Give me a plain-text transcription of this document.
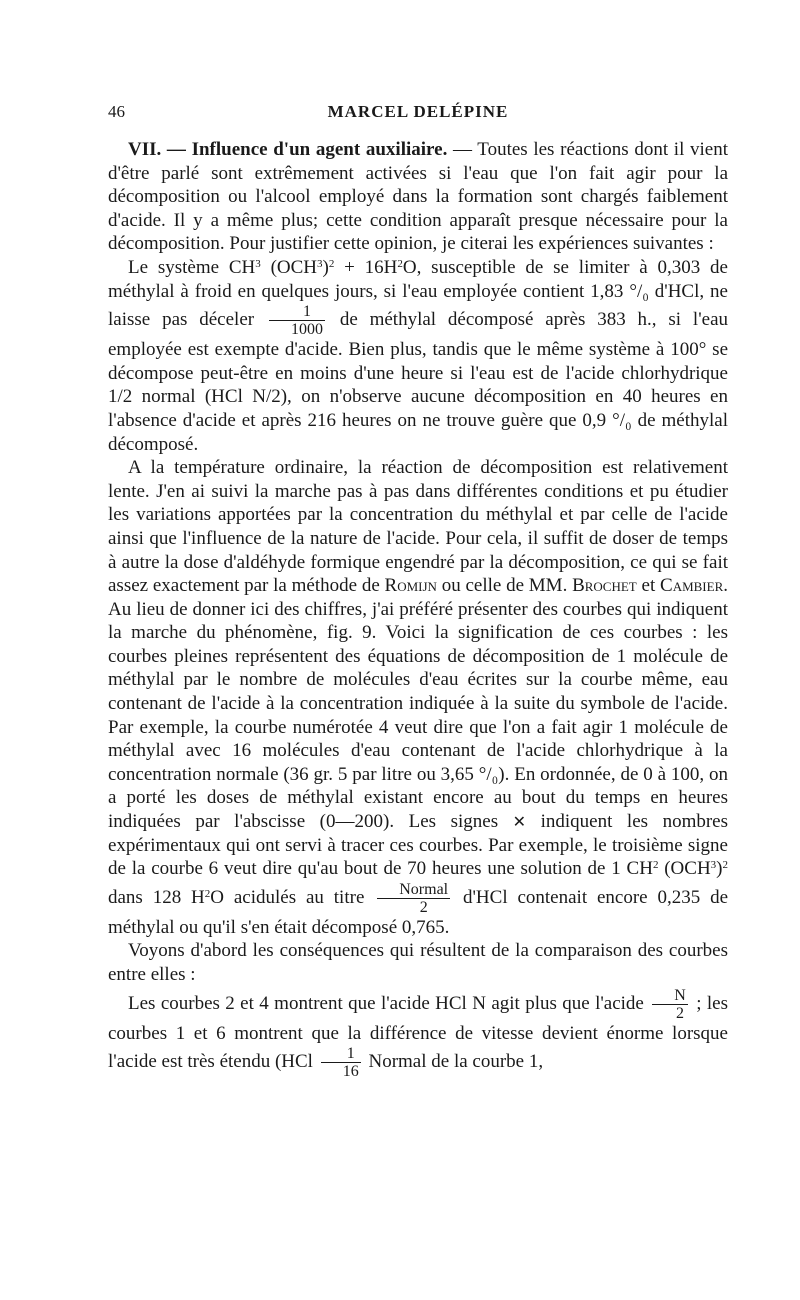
46	MARCEL DELÉPINE

VII. — Influence d'un agent auxiliaire. — Toutes les réactions dont il vient d'être parlé sont extrêmement activées si l'eau que l'on fait agir pour la décomposition ou l'alcool employé dans la formation sont chargés faiblement d'acide. Il y a même plus; cette condition apparaît presque nécessaire pour la décomposition. Pour justifier cette opinion, je citerai les expériences suivantes :

Le système $CH^3$ $(OCH^3)^2 + 16H^2O$, susceptible de se limiter à 0,303 de méthylal à froid en quelques jours, si l'eau employée contient 1,83 °/₀ d'HCl, ne laisse pas déceler $\frac{1}{1000}$ de méthylal décomposé après 383 h., si l'eau employée est exempte d'acide. Bien plus, tandis que le même système à 100° se décompose peut-être en moins d'une heure si l'eau est de l'acide chlorhydrique 1/2 normal (HCl N/2), on n'observe aucune décomposition en 40 heures en l'absence d'acide et après 216 heures on ne trouve guère que 0,9 °/₀ de méthylal décomposé.

A la température ordinaire, la réaction de décomposition est relativement lente. J'en ai suivi la marche pas à pas dans différentes conditions et pu étudier les variations apportées par la concentration du méthylal et par celle de l'acide ainsi que l'influence de la nature de l'acide. Pour cela, il suffit de doser de temps à autre la dose d'aldéhyde formique engendré par la décomposition, ce qui se fait assez exactement par la méthode de Romijn ou celle de MM. Brochet et Cambier. Au lieu de donner ici des chiffres, j'ai préféré présenter des courbes qui indiquent la marche du phénomène, fig. 9. Voici la signification de ces courbes : les courbes pleines représentent des équations de décomposition de 1 molécule de méthylal par le nombre de molécules d'eau écrites sur la courbe même, eau contenant de l'acide à la concentration indiquée à la suite du symbole de l'acide. Par exemple, la courbe numérotée 4 veut dire que l'on a fait agir 1 molécule de méthylal avec 16 molécules d'eau contenant de l'acide chlorhydrique à la concentration normale (36 gr. 5 par litre ou 3,65 °/₀). En ordonnée, de 0 à 100, on a porté les doses de méthylal existant encore au bout du temps en heures indiquées par l'abscisse (0—200). Les signes ✕ indiquent les nombres expérimentaux qui ont servi à tracer ces courbes. Par exemple, le troisième signe de la courbe 6 veut dire qu'au bout de 70 heures une solution de 1 $CH^2$ $(OCH^3)^2$ dans 128 $H^2O$ acidulés au titre $\frac{\text{Normal}}{2} d'HCl$ contenait encore 0,235 de méthylal ou qu'il s'en était décomposé 0,765.

Voyons d'abord les conséquences qui résultent de la comparaison des courbes entre elles :

Les courbes 2 et 4 montrent que l'acide HCl N agit plus que l'acide $\frac{N}{2}$ ; les courbes 1 et 6 montrent que la différence de vitesse devient énorme lorsque l'acide est très étendu ($HCl \frac{1}{16}$ Normal de la courbe 1,
